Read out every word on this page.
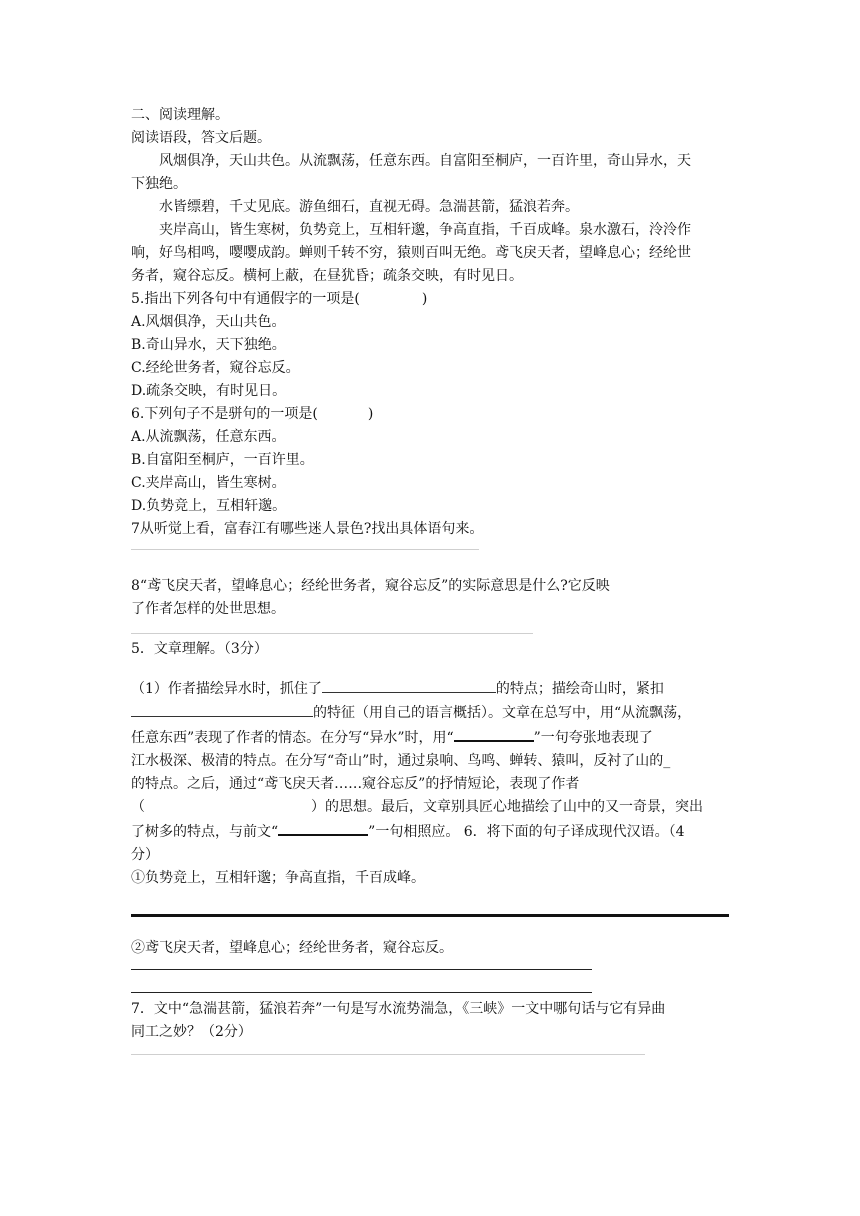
二、阅读理解。
阅读语段，答文后题。
风烟俱净，天山共色。从流飘荡，任意东西。自富阳至桐庐，一百许里，奇山异水，天
下独绝。
水皆缥碧，千丈见底。游鱼细石，直视无碍。急湍甚箭，猛浪若奔。
夹岸高山，皆生寒树，负势竞上，互相轩邈，争高直指，千百成峰。泉水激石，泠泠作
响，好鸟相鸣，嘤嘤成韵。蝉则千转不穷，猿则百叫无绝。鸢飞戾天者，望峰息心；经纶世
务者，窥谷忘反。横柯上蔽，在昼犹昏；疏条交映，有时见日。
5.指出下列各句中有通假字的一项是(	)
A.风烟俱净，天山共色。
B.奇山异水，天下独绝。
C.经纶世务者，窥谷忘反。
D.疏条交映，有时见日。
6.下列句子不是骈句的一项是(	)
A.从流飘荡，任意东西。
B.自富阳至桐庐，一百许里。
C.夹岸高山，皆生寒树。
D.负势竞上，互相轩邈。
7从听觉上看，富春江有哪些迷人景色?找出具体语句来。
8“鸢飞戾天者，望峰息心；经纶世务者，窥谷忘反”的实际意思是什么?它反映
了作者怎样的处世思想。
5．文章理解。（3分）
（1）作者描绘异水时，抓住了	的特点；描绘奇山时，紧扣
的特征（用自己的语言概括）。文章在总写中，用“从流飘荡，
任意东西”表现了作者的情态。在分写“异水”时，用“	”一句夸张地表现了
江水极深、极清的特点。在分写“奇山”时，通过泉响、鸟鸣、蝉转、猿叫，反衬了山的_
的特点。之后，通过“鸢飞戾天者……窥谷忘反”的抒情短论，表现了作者
（	）的思想。最后，文章别具匠心地描绘了山中的又一奇景，突出
了树多的特点，与前文“	”一句相照应。 6．将下面的句子译成现代汉语。（4
分）
①负势竞上，互相轩邈；争高直指，千百成峰。
②鸢飞戾天者，望峰息心；经纶世务者，窥谷忘反。
7．文中“急湍甚箭，猛浪若奔”一句是写水流势湍急，《三峡》一文中哪句话与它有异曲
同工之妙？（2分）
